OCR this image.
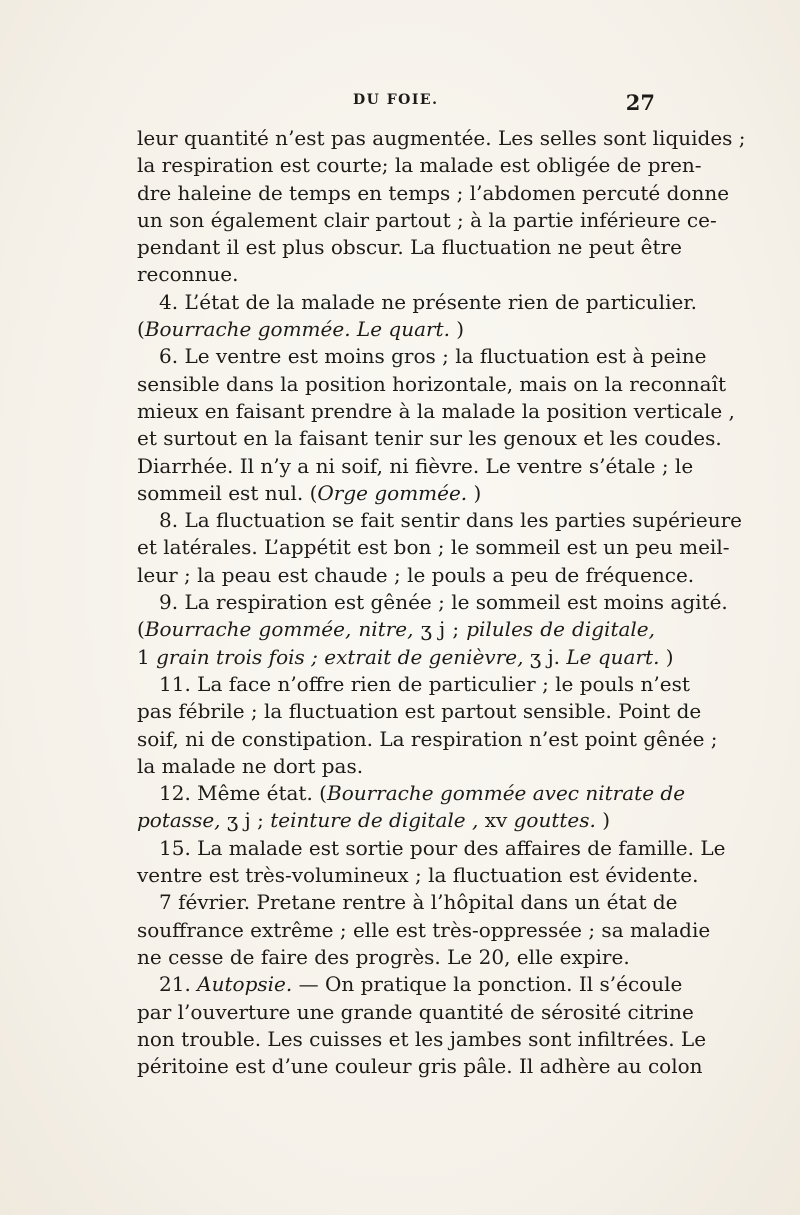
DU FOIE.	27
leur quantité n’est pas augmentée. Les selles sont liquides ;
la respiration est courte; la malade est obligée de pren-
dre haleine de temps en temps ; l’abdomen percuté donne
un son également clair partout ; à la partie inférieure ce-
pendant il est plus obscur. La fluctuation ne peut être
reconnue.
4. L’état de la malade ne présente rien de particulier.
(Bourrache gommée. Le quart. )
6. Le ventre est moins gros ; la fluctuation est à peine
sensible dans la position horizontale, mais on la reconnaît
mieux en faisant prendre à la malade la position verticale ,
et surtout en la faisant tenir sur les genoux et les coudes.
Diarrhée. Il n’y a ni soif, ni fièvre. Le ventre s’étale ; le
sommeil est nul. (Orge gommée. )
8. La fluctuation se fait sentir dans les parties supérieure
et latérales. L’appétit est bon ; le sommeil est un peu meil-
leur ; la peau est chaude ; le pouls a peu de fréquence.
9. La respiration est gênée ; le sommeil est moins agité.
(Bourrache gommée, nitre, ʒ j ; pilules de digitale,
1 grain trois fois ; extrait de genièvre, ʒ j. Le quart. )
11. La face n’offre rien de particulier ; le pouls n’est
pas fébrile ; la fluctuation est partout sensible. Point de
soif, ni de constipation. La respiration n’est point gênée ;
la malade ne dort pas.
12. Même état. (Bourrache gommée avec nitrate de
potasse, ʒ j ; teinture de digitale , xv gouttes. )
15. La malade est sortie pour des affaires de famille. Le
ventre est très-volumineux ; la fluctuation est évidente.
7 février. Pretane rentre à l’hôpital dans un état de
souffrance extrême ; elle est très-oppressée ; sa maladie
ne cesse de faire des progrès. Le 20, elle expire.
21. Autopsie. — On pratique la ponction. Il s’écoule
par l’ouverture une grande quantité de sérosité citrine
non trouble. Les cuisses et les jambes sont infiltrées. Le
péritoine est d’une couleur gris pâle. Il adhère au colon
